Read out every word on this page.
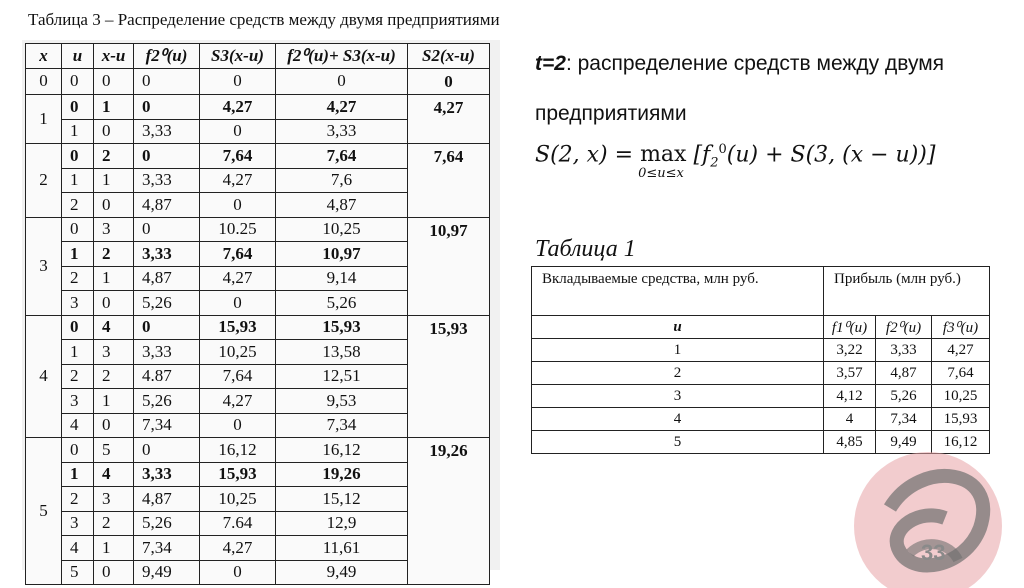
Таблица 3 – Распределение средств между двумя предприятиями
x	u	x-u	f2⁰(u)	S3(x-u)	f2⁰(u)+ S3(x-u)	S2(x-u)
0	0	0	0	0	0	0
1	0	1	0	4,27	4,27	4,27
	1	0	3,33	0	3,33	
2	0	2	0	7,64	7,64	7,64
	1	1	3,33	4,27	7,6	
	2	0	4,87	0	4,87	
3	0	3	0	10.25	10,25	10,97
	1	2	3,33	7,64	10,97	
	2	1	4,87	4,27	9,14	
	3	0	5,26	0	5,26	
4	0	4	0	15,93	15,93	15,93
	1	3	3,33	10,25	13,58	
	2	2	4.87	7,64	12,51	
	3	1	5,26	4,27	9,53	
	4	0	7,34	0	7,34	
5	0	5	0	16,12	16,12	19,26
	1	4	3,33	15,93	19,26	
	2	3	4,87	10,25	15,12	
	3	2	5,26	7.64	12,9	
	4	1	7,34	4,27	11,61	
	5	0	9,49	0	9,49	
t=2: распределение средств между двумя
предприятиями
S(2, x) = max
0≤u≤x
[$f_2^0(u) + S(3$, (x − u))]
Таблица 1
Вкладываемые средства, млн руб.	Прибыль (млн руб.)		
u	f1⁰(u)	f2⁰(u)	f3⁰(u)
1	3,22	3,33	4,27
2	3,57	4,87	7,64
3	4,12	5,26	10,25
4	4	7,34	15,93
5	4,85	9,49	16,12
33
